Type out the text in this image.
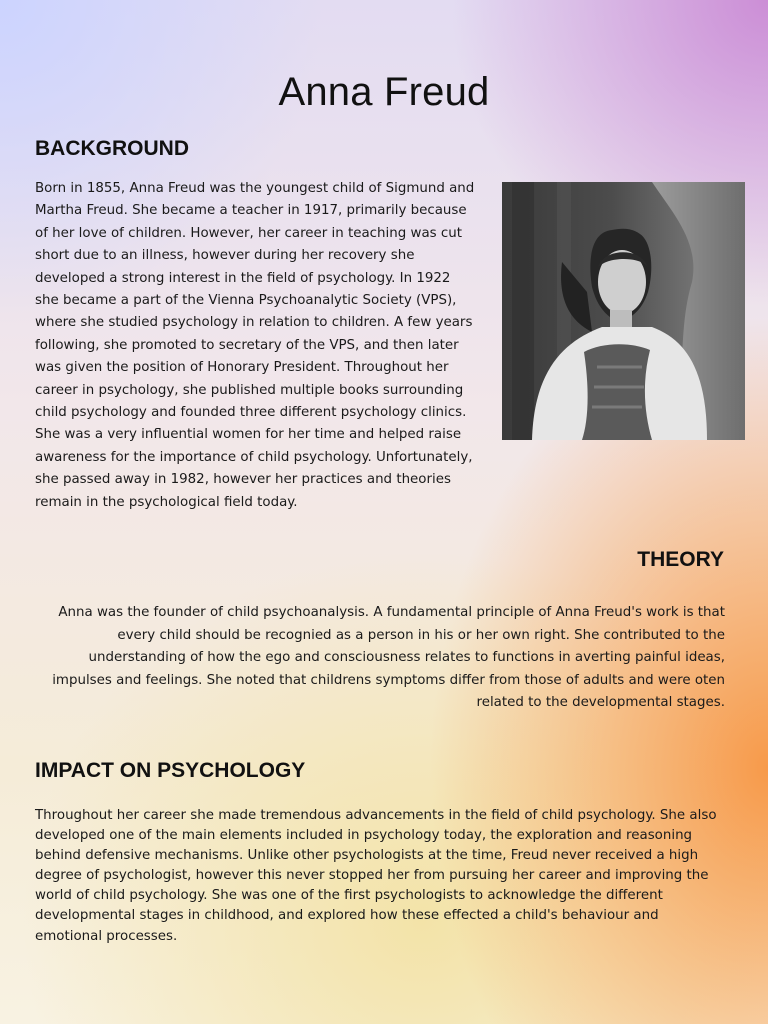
Anna Freud
BACKGROUND

Born in 1855, Anna Freud was the youngest child of Sigmund and Martha Freud. She became a teacher in 1917, primarily because of her love of children. However, her career in teaching was cut short due to an illness, however during her recovery she developed a strong interest in the field of psychology. In 1922 she became a part of the Vienna Psychoanalytic Society (VPS), where she studied psychology in relation to children. A few years following, she promoted to secretary of the VPS, and then later was given the position of Honorary President. Throughout her career in psychology, she published multiple books surrounding child psychology and founded three different psychology clinics. She was a very influential women for her time and helped raise awareness for the importance of child psychology. Unfortunately, she passed away in 1982, however her practices and theories remain in the psychological field today.

THEORY

Anna was the founder of child psychoanalysis. A fundamental principle of Anna Freud's work is that every child should be recognied as a person in his or her own right. She contributed to the understanding of how the ego and consciousness relates to functions in averting painful ideas, impulses and feelings. She noted that childrens symptoms differ from those of adults and were oten related to the developmental stages.

IMPACT ON PSYCHOLOGY

Throughout her career she made tremendous advancements in the field of child psychology. She also developed one of the main elements included in psychology today, the exploration and reasoning behind defensive mechanisms. Unlike other psychologists at the time, Freud never received a high degree of psychologist, however this never stopped her from pursuing her career and improving the world of child psychology. She was one of the first psychologists to acknowledge the different developmental stages in childhood, and explored how these effected a child's behaviour and emotional processes.
